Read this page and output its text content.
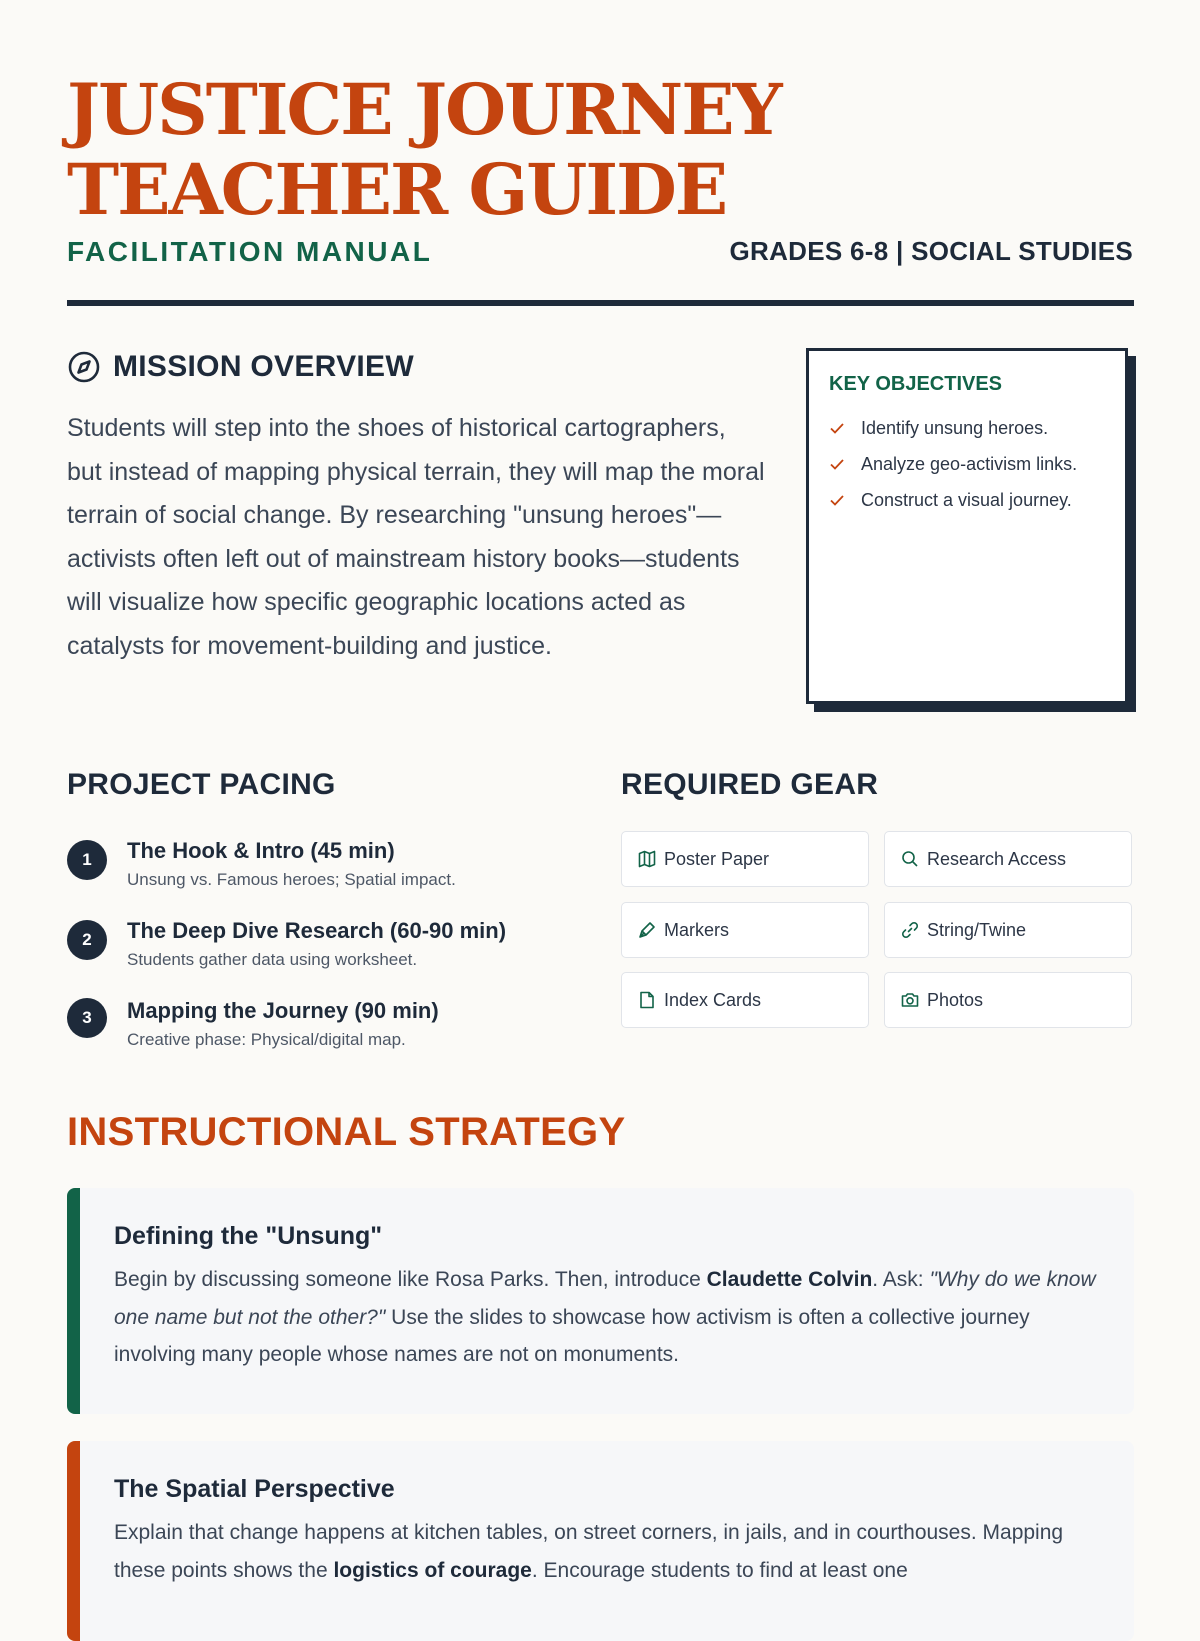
JUSTICE JOURNEY TEACHER GUIDE
FACILITATION MANUAL	GRADES 6-8 | SOCIAL STUDIES
MISSION OVERVIEW

Students will step into the shoes of historical cartographers, but instead of mapping physical terrain, they will map the moral terrain of social change. By researching "unsung heroes"—activists often left out of mainstream history books—students will visualize how specific geographic locations acted as catalysts for movement-building and justice.

KEY OBJECTIVES
Identify unsung heroes.
Analyze geo-activism links.
Construct a visual journey.
PROJECT PACING
1	The Hook & Intro (45 min)
Unsung vs. Famous heroes; Spatial impact.
2	The Deep Dive Research (60-90 min)
Students gather data using worksheet.
3	Mapping the Journey (90 min)
Creative phase: Physical/digital map.
REQUIRED GEAR
Poster Paper	Research Access
Markers	String/Twine
Index Cards	Photos
INSTRUCTIONAL STRATEGY
Defining the "Unsung"

Begin by discussing someone like Rosa Parks. Then, introduce Claudette Colvin. Ask: "Why do we know one name but not the other?" Use the slides to showcase how activism is often a collective journey involving many people whose names are not on monuments.

The Spatial Perspective

Explain that change happens at kitchen tables, on street corners, in jails, and in courthouses. Mapping these points shows the logistics of courage. Encourage students to find at least one
